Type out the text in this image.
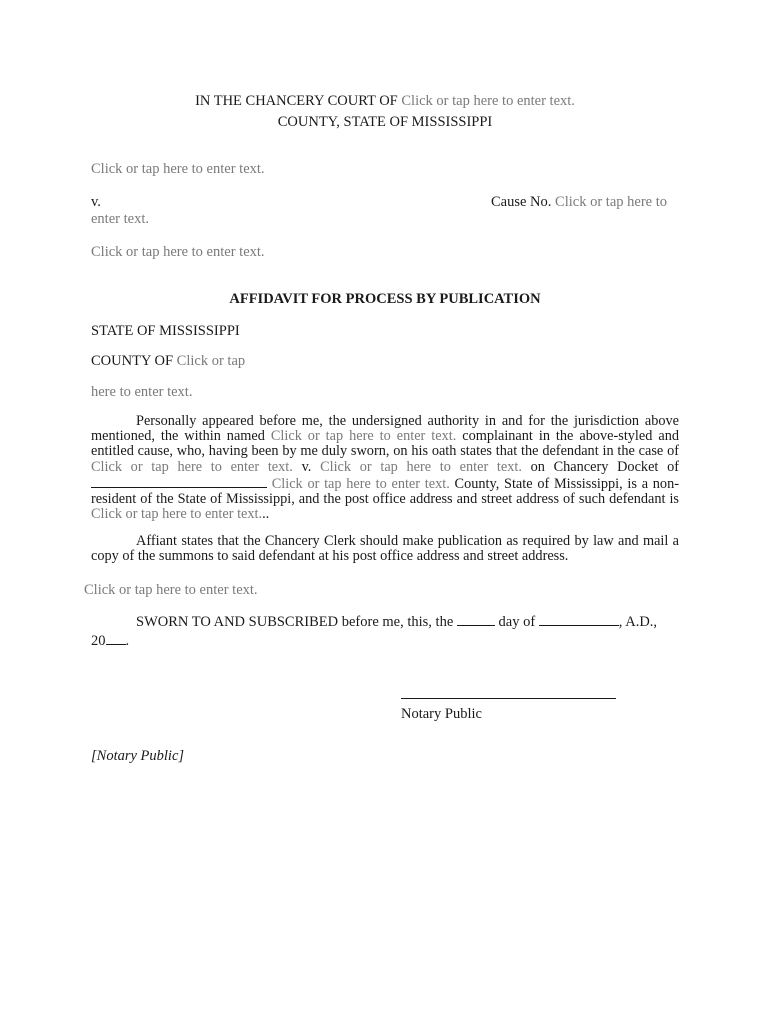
IN THE CHANCERY COURT OF Click or tap here to enter text.
COUNTY, STATE OF MISSISSIPPI
Click or tap here to enter text.
v.	Cause No. Click or tap here to
enter text.
Click or tap here to enter text.
AFFIDAVIT FOR PROCESS BY PUBLICATION
STATE OF MISSISSIPPI
COUNTY OF Click or tap
here to enter text.
Personally appeared before me, the undersigned authority in and for the jurisdiction above mentioned, the within named Click or tap here to enter text. complainant in the above-styled and entitled cause, who, having been by me duly sworn, on his oath states that the defendant in the case of Click or tap here to enter text. v. Click or tap here to enter text. on Chancery Docket of  Click or tap here to enter text. County, State of Mississippi, is a non-resident of the State of Mississippi, and the post office address and street address of such defendant is Click or tap here to enter text...
Affiant states that the Chancery Clerk should make publication as required by law and mail a copy of the summons to said defendant at his post office address and street address.
Click or tap here to enter text.
SWORN TO AND SUBSCRIBED before me, this, the	day of	, A.D.,
20 .
Notary Public
[Notary Public]
